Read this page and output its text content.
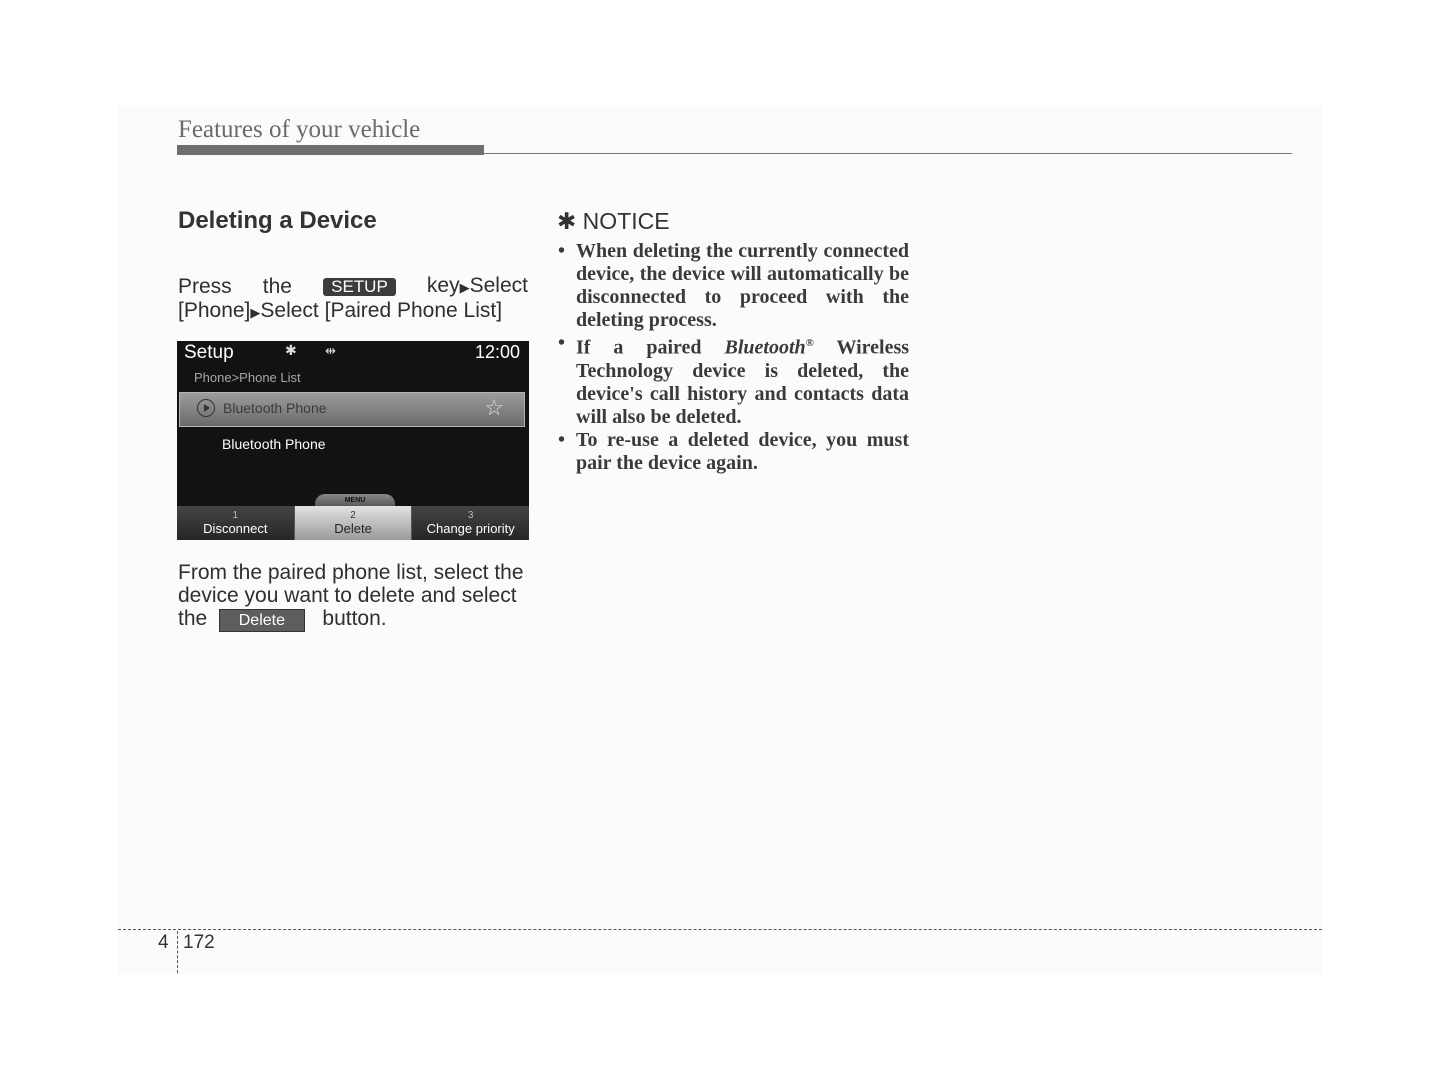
Features of your vehicle
Deleting a Device
Press the	SETUP	key▶Select
[Phone]▶Select [Paired Phone List]
Setup	✱ ⇹	12:00
Phone>Phone List
Bluetooth Phone	☆
Bluetooth Phone
MENU
1
Disconnect
2
Delete
3
Change priority
From the paired phone list, select the
device you want to delete and select
the Delete button.
✱ NOTICE
• When deleting the currently connected device, the device will automatically be disconnected to proceed with the deleting process.
• If a paired Bluetooth® Wireless Technology device is deleted, the device's call history and contacts data will also be deleted.
• To re-use a deleted device, you must pair the device again.
4 172
